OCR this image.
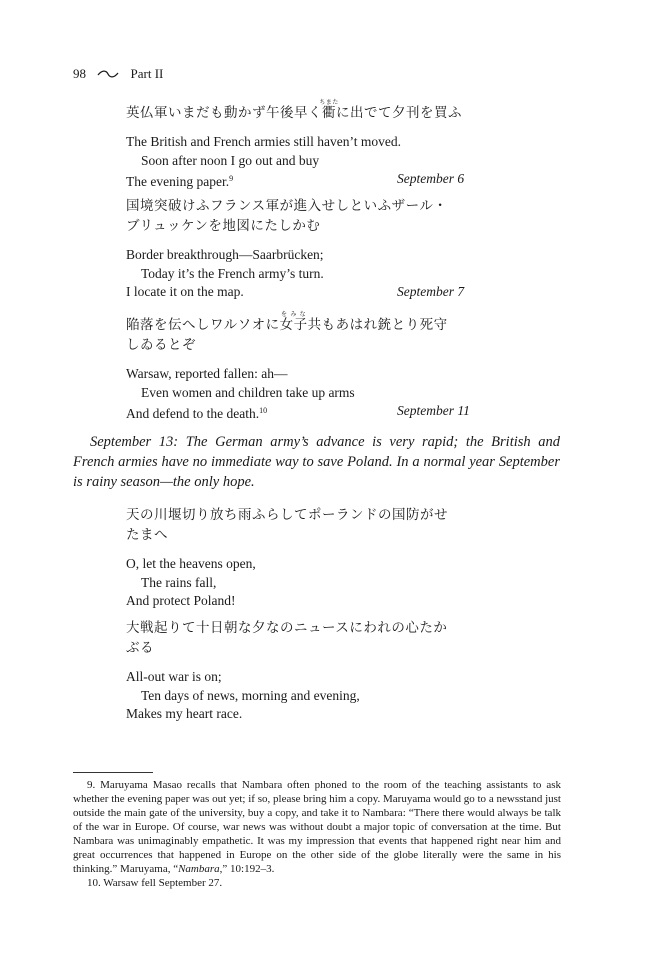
98	Part II

英仏軍いまだも動かず午後早く衢ちまたに出でて夕刊を買ふ

The British and French armies still haven’t moved.
Soon after noon I go out and buy
The evening paper.$^9$	September 6

国境突破けふフランス軍が進入せしといふザール・ブリュッケンを地図にたしかむ

Border breakthrough—Saarbrücken;
Today it’s the French army’s turn.
I locate it on the map.	September 7

陥落を伝へしワルソオに女子をみな共もあはれ銃とり死守しゐるとぞ

Warsaw, reported fallen: ah—
Even women and children take up arms
And defend to the death.$^{10}$	September 11

September 13: The German army’s advance is very rapid; the British and French armies have no immediate way to save Poland. In a normal year September is rainy season—the only hope.

天の川堰切り放ち雨ふらしてポーランドの国防がせたまへ

O, let the heavens open,
The rains fall,
And protect Poland!

大戦起りて十日朝な夕なのニュースにわれの心たかぶる

All-out war is on;
Ten days of news, morning and evening,
Makes my heart race.

9. Maruyama Masao recalls that Nambara often phoned to the room of the teaching assistants to ask whether the evening paper was out yet; if so, please bring him a copy. Maruyama would go to a newsstand just outside the main gate of the university, buy a copy, and take it to Nambara: “There there would always be talk of the war in Europe. Of course, war news was without doubt a major topic of conversation at the time. But Nambara was unimaginably empathetic. It was my impression that events that happened right near him and great occurrences that happened in Europe on the other side of the globe literally were the same in his thinking.” Maruyama, “Nambara,” 10:192–3.

10. Warsaw fell September 27.
